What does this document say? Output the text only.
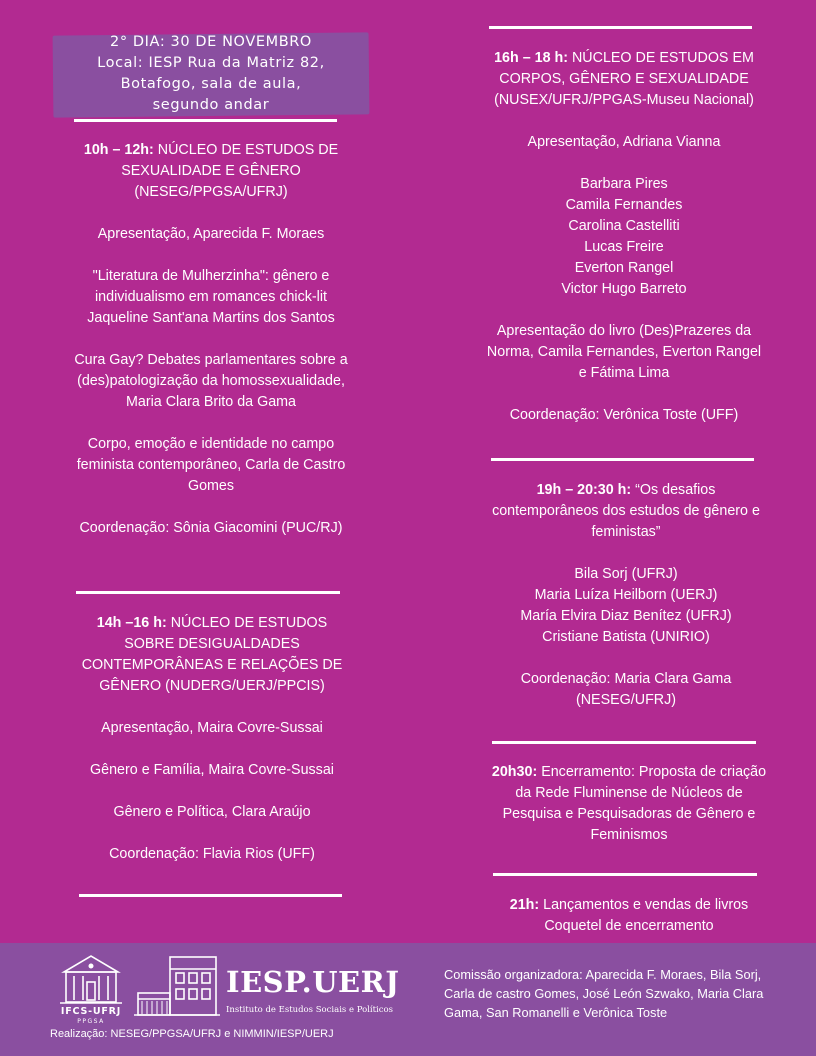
2° DIA: 30 DE NOVEMBRO
Local: IESP Rua da Matriz 82,
Botafogo, sala de aula,
segundo andar

10h – 12h: NÚCLEO DE ESTUDOS DE SEXUALIDADE E GÊNERO (NESEG/PPGSA/UFRJ)

Apresentação, Aparecida F. Moraes

"Literatura de Mulherzinha": gênero e individualismo em romances chick-lit Jaqueline Sant'ana Martins dos Santos

Cura Gay? Debates parlamentares sobre a (des)patologização da homossexualidade, Maria Clara Brito da Gama

Corpo, emoção e identidade no campo feminista contemporâneo, Carla de Castro Gomes

Coordenação: Sônia Giacomini (PUC/RJ)

14h –16 h: NÚCLEO DE ESTUDOS SOBRE DESIGUALDADES CONTEMPORÂNEAS E RELAÇÕES DE GÊNERO (NUDERG/UERJ/PPCIS)

Apresentação, Maira Covre-Sussai

Gênero e Família, Maira Covre-Sussai

Gênero e Política, Clara Araújo

Coordenação: Flavia Rios (UFF)

16h – 18 h: NÚCLEO DE ESTUDOS EM CORPOS, GÊNERO E SEXUALIDADE (NUSEX/UFRJ/PPGAS-Museu Nacional)

Apresentação, Adriana Vianna

Barbara Pires

Camila Fernandes

Carolina Castelliti

Lucas Freire

Everton Rangel

Victor Hugo Barreto

Apresentação do livro (Des)Prazeres da Norma, Camila Fernandes, Everton Rangel e Fátima Lima

Coordenação: Verônica Toste (UFF)

19h – 20:30 h: “Os desafios contemporâneos dos estudos de gênero e feministas”

Bila Sorj (UFRJ)

Maria Luíza Heilborn (UERJ)

María Elvira Diaz Benítez (UFRJ)

Cristiane Batista (UNIRIO)

Coordenação: Maria Clara Gama (NESEG/UFRJ)

20h30: Encerramento: Proposta de criação da Rede Fluminense de Núcleos de Pesquisa e Pesquisadoras de Gênero e Feminismos

21h: Lançamentos e vendas de livros

Coquetel de encerramento

IFCS-UFRJ
PPGSA
IESP.UERJ
Instituto de Estudos Sociais e Políticos
Realização: NESEG/PPGSA/UFRJ e NIMMIN/IESP/UERJ
Comissão organizadora: Aparecida F. Moraes, Bila Sorj, Carla de castro Gomes, José León Szwako, Maria Clara Gama, San Romanelli e Verônica Toste
